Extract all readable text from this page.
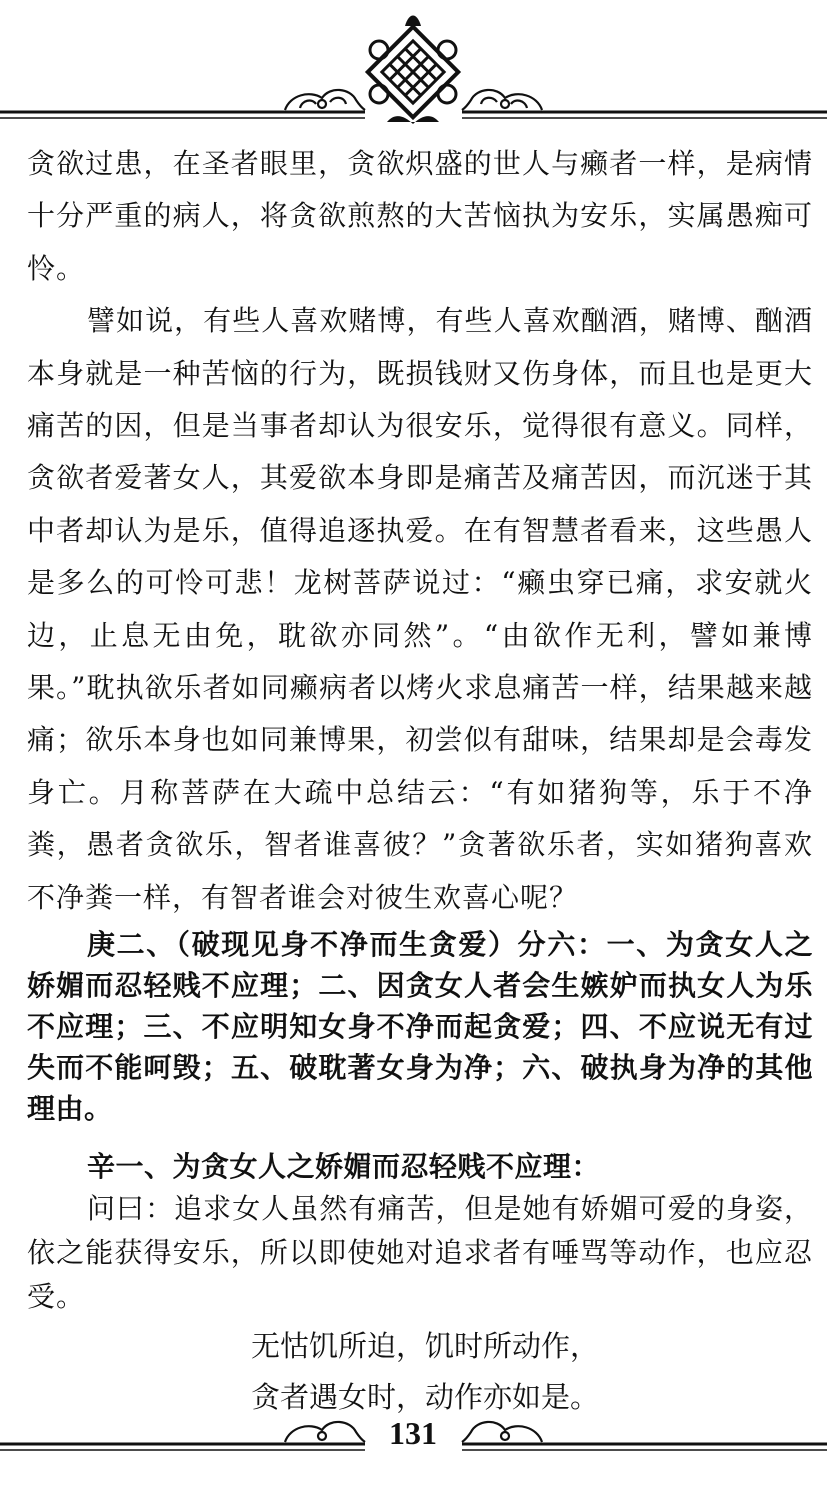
贪欲过患，在圣者眼里，贪欲炽盛的世人与癞者一样，是病情十分严重的病人，将贪欲煎熬的大苦恼执为安乐，实属愚痴可怜。

譬如说，有些人喜欢赌博，有些人喜欢酗酒，赌博、酗酒本身就是一种苦恼的行为，既损钱财又伤身体，而且也是更大痛苦的因，但是当事者却认为很安乐，觉得很有意义。同样，贪欲者爱著女人，其爱欲本身即是痛苦及痛苦因，而沉迷于其中者却认为是乐，值得追逐执爱。在有智慧者看来，这些愚人是多么的可怜可悲！龙树菩萨说过：“癞虫穿已痛，求安就火边，止息无由免，耽欲亦同然”。“由欲作无利，譬如兼博果。”耽执欲乐者如同癞病者以烤火求息痛苦一样，结果越来越痛；欲乐本身也如同兼博果，初尝似有甜味，结果却是会毒发身亡。月称菩萨在大疏中总结云：“有如猪狗等，乐于不净粪，愚者贪欲乐，智者谁喜彼？”贪著欲乐者，实如猪狗喜欢不净粪一样，有智者谁会对彼生欢喜心呢？

庚二、（破现见身不净而生贪爱）分六：一、为贪女人之娇媚而忍轻贱不应理；二、因贪女人者会生嫉妒而执女人为乐不应理；三、不应明知女身不净而起贪爱；四、不应说无有过失而不能呵毁；五、破耽著女身为净；六、破执身为净的其他理由。

辛一、为贪女人之娇媚而忍轻贱不应理：

问曰：追求女人虽然有痛苦，但是她有娇媚可爱的身姿，依之能获得安乐，所以即使她对追求者有唾骂等动作，也应忍受。

无怙饥所迫，饥时所动作，

贪者遇女时，动作亦如是。

131
